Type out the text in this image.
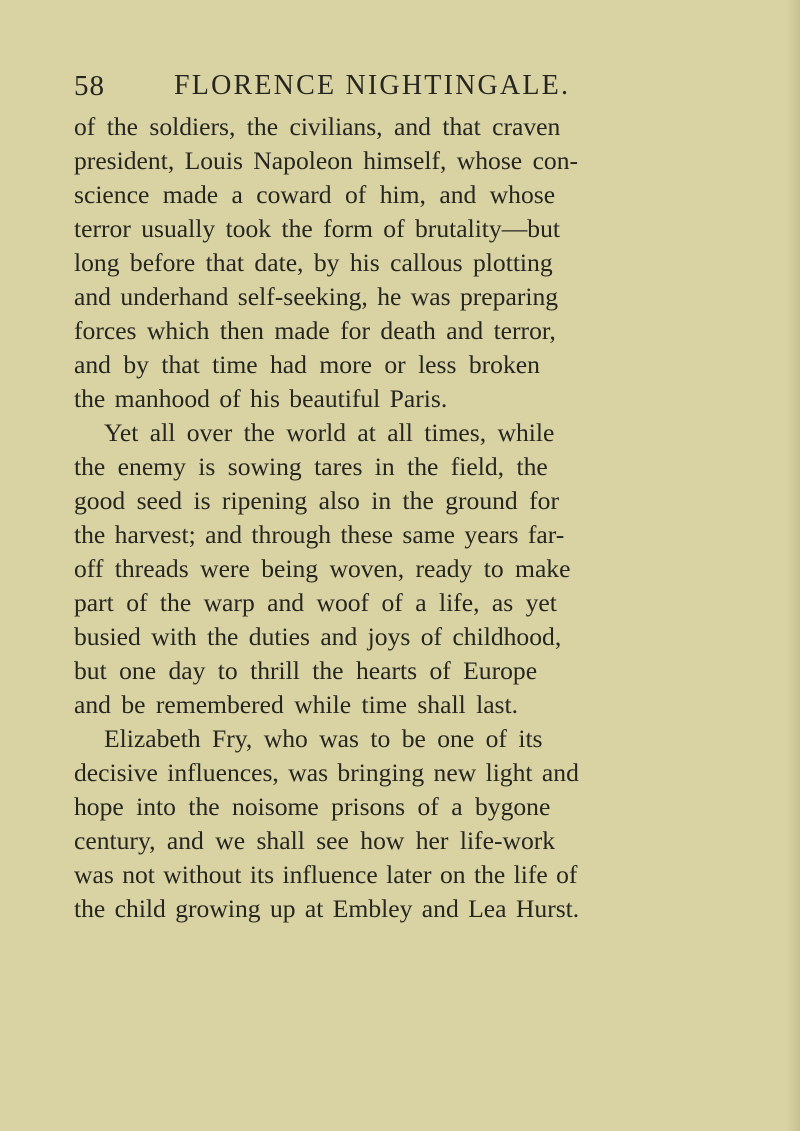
58 FLORENCE NIGHTINGALE.
of the soldiers, the civilians, and that craven
president, Louis Napoleon himself, whose con-
science made a coward of him, and whose
terror usually took the form of brutality—but
long before that date, by his callous plotting
and underhand self-seeking, he was preparing
forces which then made for death and terror,
and by that time had more or less broken
the manhood of his beautiful Paris.
Yet all over the world at all times, while
the enemy is sowing tares in the field, the
good seed is ripening also in the ground for
the harvest; and through these same years far-
off threads were being woven, ready to make
part of the warp and woof of a life, as yet
busied with the duties and joys of childhood,
but one day to thrill the hearts of Europe
and be remembered while time shall last.
Elizabeth Fry, who was to be one of its
decisive influences, was bringing new light and
hope into the noisome prisons of a bygone
century, and we shall see how her life-work
was not without its influence later on the life of
the child growing up at Embley and Lea Hurst.
